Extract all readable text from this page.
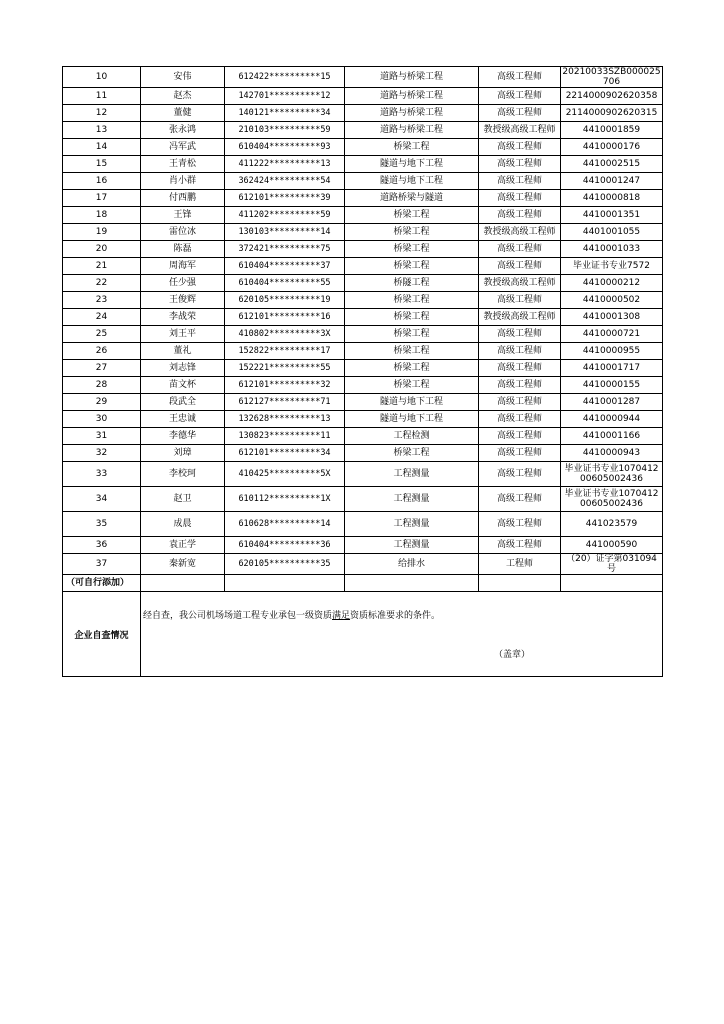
10	安伟	612422**********15	道路与桥梁工程	高级工程师	20210033SZB000025706
11	赵杰	142701**********12	道路与桥梁工程	高级工程师	2214000902620358
12	董健	140121**********34	道路与桥梁工程	高级工程师	2114000902620315
13	张永鸿	210103**********59	道路与桥梁工程	教授级高级工程师	4410001859
14	冯军武	610404**********93	桥梁工程	高级工程师	4410000176
15	王青松	411222**********13	隧道与地下工程	高级工程师	4410002515
16	肖小群	362424**********54	隧道与地下工程	高级工程师	4410001247
17	付西鹏	612101**********39	道路桥梁与隧道	高级工程师	4410000818
18	王锋	411202**********59	桥梁工程	高级工程师	4410001351
19	雷位冰	130103**********14	桥梁工程	教授级高级工程师	4401001055
20	陈磊	372421**********75	桥梁工程	高级工程师	4410001033
21	周海军	610404**********37	桥梁工程	高级工程师	毕业证书专业7572
22	任少强	610404**********55	桥隧工程	教授级高级工程师	4410000212
23	王俊辉	620105**********19	桥梁工程	高级工程师	4410000502
24	李战荣	612101**********16	桥梁工程	教授级高级工程师	4410001308
25	刘王平	410802**********3X	桥梁工程	高级工程师	4410000721
26	董礼	152822**********17	桥梁工程	高级工程师	4410000955
27	刘志锋	152221**********55	桥梁工程	高级工程师	4410001717
28	苗文杯	612101**********32	桥梁工程	高级工程师	4410000155
29	段武全	612127**********71	隧道与地下工程	高级工程师	4410001287
30	王忠诚	132628**********13	隧道与地下工程	高级工程师	4410000944
31	李德华	130823**********11	工程检测	高级工程师	4410001166
32	刘璋	612101**********34	桥梁工程	高级工程师	4410000943
33	李校珂	410425**********5X	工程测量	高级工程师	毕业证书专业107041200605002436
34	赵卫	610112**********1X	工程测量	高级工程师	毕业证书专业107041200605002436
35	成晨	610628**********14	工程测量	高级工程师	441023579
36	袁正学	610404**********36	工程测量	高级工程师	441000590
37	秦新宽	620105**********35	给排水	工程师	（20）证字第031094号
（可自行添加）					
企业自查情况	
经自查，我公司机场场道工程专业承包一级资质满足资质标准要求的条件。
（盖章）
